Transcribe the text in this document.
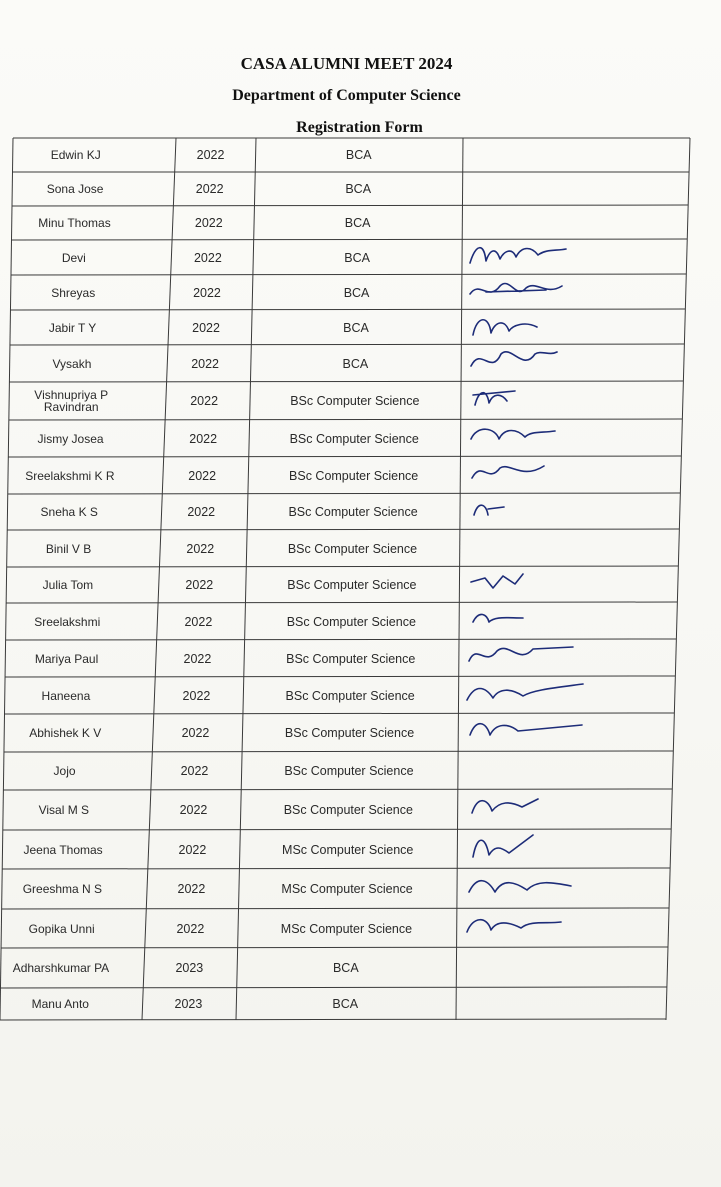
CASA ALUMNI MEET 2024
Department of Computer Science
Registration Form
Edwin KJ	2022	BCA
Sona Jose	2022	BCA
Minu Thomas	2022	BCA
Devi	2022	BCA
Shreyas	2022	BCA
Jabir T Y	2022	BCA
Vysakh	2022	BCA
Vishnupriya P Ravindran	2022	BSc Computer Science
Jismy Josea	2022	BSc Computer Science
Sreelakshmi K R	2022	BSc Computer Science
Sneha K S	2022	BSc Computer Science
Binil V B	2022	BSc Computer Science
Julia Tom	2022	BSc Computer Science
Sreelakshmi	2022	BSc Computer Science
Mariya Paul	2022	BSc Computer Science
Haneena	2022	BSc Computer Science
Abhishek K V	2022	BSc Computer Science
Jojo	2022	BSc Computer Science
Visal M S	2022	BSc Computer Science
Jeena Thomas	2022	MSc Computer Science
Greeshma N S	2022	MSc Computer Science
Gopika Unni	2022	MSc Computer Science
Adharshkumar PA	2023	BCA
Manu Anto	2023	BCA
